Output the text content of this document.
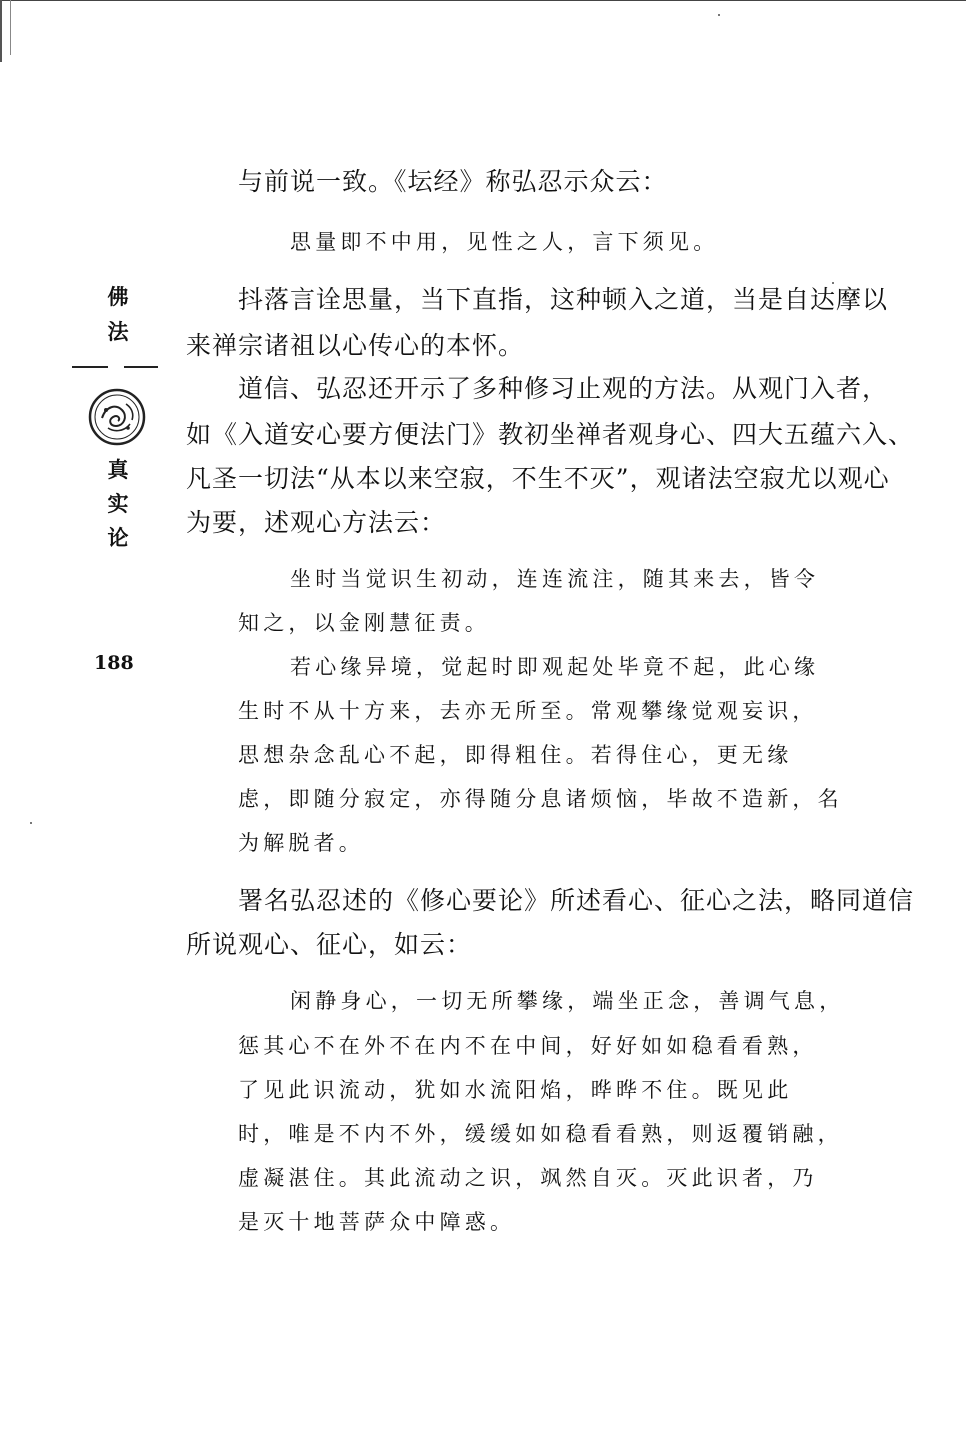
佛
法
真
实
论
188
与前说一致。《坛经》称弘忍示众云：
思量即不中用，见性之人，言下须见。
抖落言诠思量，当下直指，这种顿入之道，当是自达摩以
来禅宗诸祖以心传心的本怀。
道信、弘忍还开示了多种修习止观的方法。从观门入者，
如《入道安心要方便法门》教初坐禅者观身心、四大五蕴六入、
凡圣一切法“从本以来空寂，不生不灭”，观诸法空寂尤以观心
为要，述观心方法云：
坐时当觉识生初动，连连流注，随其来去，皆令
知之，以金刚慧征责。
若心缘异境，觉起时即观起处毕竟不起，此心缘
生时不从十方来，去亦无所至。常观攀缘觉观妄识，
思想杂念乱心不起，即得粗住。若得住心，更无缘
虑，即随分寂定，亦得随分息诸烦恼，毕故不造新，名
为解脱者。
署名弘忍述的《修心要论》所述看心、征心之法，略同道信
所说观心、征心，如云：
闲静身心，一切无所攀缘，端坐正念，善调气息，
惩其心不在外不在内不在中间，好好如如稳看看熟，
了见此识流动，犹如水流阳焰，晔晔不住。既见此
时，唯是不内不外，缓缓如如稳看看熟，则返覆销融，
虚凝湛住。其此流动之识，飒然自灭。灭此识者，乃
是灭十地菩萨众中障惑。
